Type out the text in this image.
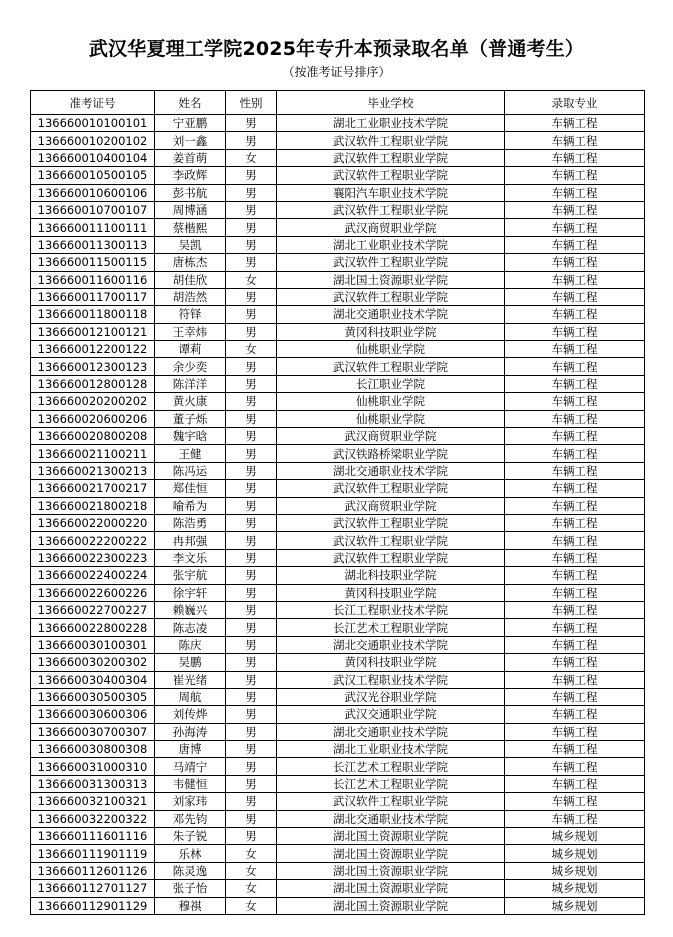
武汉华夏理工学院2025年专升本预录取名单（普通考生）
（按准考证号排序）
准考证号	姓名	性别	毕业学校	录取专业
136660010100101	宁亚鹏	男	湖北工业职业技术学院	车辆工程
136660010200102	刘一鑫	男	武汉软件工程职业学院	车辆工程
136660010400104	姜首萌	女	武汉软件工程职业学院	车辆工程
136660010500105	李政辉	男	武汉软件工程职业学院	车辆工程
136660010600106	彭书航	男	襄阳汽车职业技术学院	车辆工程
136660010700107	周博涵	男	武汉软件工程职业学院	车辆工程
136660011100111	蔡楷熙	男	武汉商贸职业学院	车辆工程
136660011300113	吴凯	男	湖北工业职业技术学院	车辆工程
136660011500115	唐栋杰	男	武汉软件工程职业学院	车辆工程
136660011600116	胡佳欣	女	湖北国土资源职业学院	车辆工程
136660011700117	胡浩然	男	武汉软件工程职业学院	车辆工程
136660011800118	符铎	男	湖北交通职业技术学院	车辆工程
136660012100121	王幸炜	男	黄冈科技职业学院	车辆工程
136660012200122	谭莉	女	仙桃职业学院	车辆工程
136660012300123	余少奕	男	武汉软件工程职业学院	车辆工程
136660012800128	陈洋洋	男	长江职业学院	车辆工程
136660020200202	黄火康	男	仙桃职业学院	车辆工程
136660020600206	董子烁	男	仙桃职业学院	车辆工程
136660020800208	魏宇晗	男	武汉商贸职业学院	车辆工程
136660021100211	王健	男	武汉铁路桥梁职业学院	车辆工程
136660021300213	陈冯运	男	湖北交通职业技术学院	车辆工程
136660021700217	郑佳恒	男	武汉软件工程职业学院	车辆工程
136660021800218	喻希为	男	武汉商贸职业学院	车辆工程
136660022000220	陈浩勇	男	武汉软件工程职业学院	车辆工程
136660022200222	冉邦强	男	武汉软件工程职业学院	车辆工程
136660022300223	李文乐	男	武汉软件工程职业学院	车辆工程
136660022400224	张宇航	男	湖北科技职业学院	车辆工程
136660022600226	徐宇轩	男	黄冈科技职业学院	车辆工程
136660022700227	赖巍兴	男	长江工程职业技术学院	车辆工程
136660022800228	陈志凌	男	长江艺术工程职业学院	车辆工程
136660030100301	陈庆	男	湖北交通职业技术学院	车辆工程
136660030200302	吴鹏	男	黄冈科技职业学院	车辆工程
136660030400304	崔光绪	男	武汉工程职业技术学院	车辆工程
136660030500305	周航	男	武汉光谷职业学院	车辆工程
136660030600306	刘传烨	男	武汉交通职业学院	车辆工程
136660030700307	孙海涛	男	湖北交通职业技术学院	车辆工程
136660030800308	唐博	男	湖北工业职业技术学院	车辆工程
136660031000310	马靖宁	男	长江艺术工程职业学院	车辆工程
136660031300313	韦健恒	男	长江艺术工程职业学院	车辆工程
136660032100321	刘家玮	男	武汉软件工程职业学院	车辆工程
136660032200322	邓先钧	男	湖北交通职业技术学院	车辆工程
136660111601116	朱子锐	男	湖北国土资源职业学院	城乡规划
136660111901119	乐林	女	湖北国土资源职业学院	城乡规划
136660112601126	陈灵逸	女	湖北国土资源职业学院	城乡规划
136660112701127	张子怡	女	湖北国土资源职业学院	城乡规划
136660112901129	穆祺	女	湖北国土资源职业学院	城乡规划
